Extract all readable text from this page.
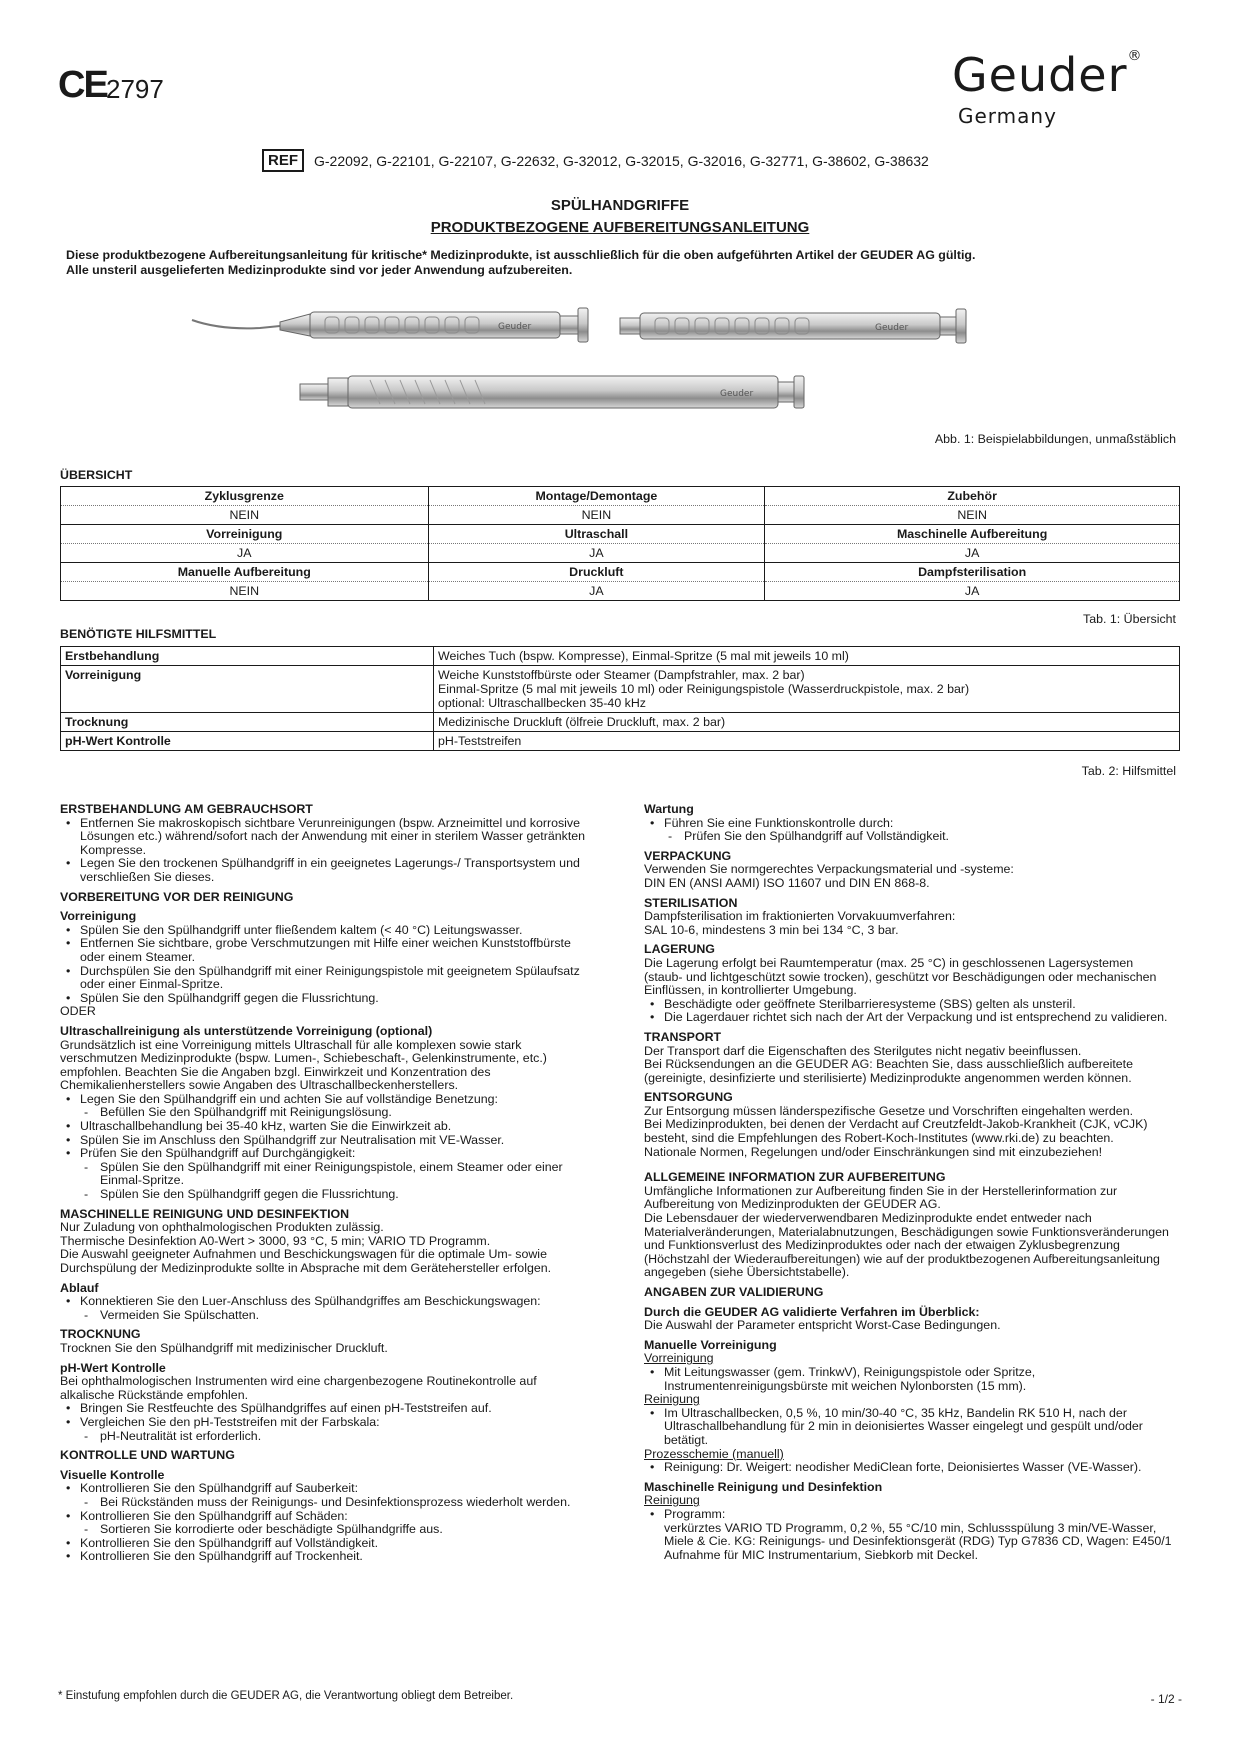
CE 2797	Geuder®
Germany
REF	G-22092, G-22101, G-22107, G-22632, G-32012, G-32015, G-32016, G-32771, G-38602, G-38632
SPÜLHANDGRIFFE
PRODUKTBEZOGENE AUFBEREITUNGSANLEITUNG
Diese produktbezogene Aufbereitungsanleitung für kritische* Medizinprodukte, ist ausschließlich für die oben aufgeführten Artikel der GEUDER AG gültig.
Alle unsteril ausgelieferten Medizinprodukte sind vor jeder Anwendung aufzubereiten.
Geuder	Geuder
Geuder
Abb. 1: Beispielabbildungen, unmaßstäblich
ÜBERSICHT
Zyklusgrenze	Montage/Demontage	Zubehör
NEIN	NEIN	NEIN
Vorreinigung	Ultraschall	Maschinelle Aufbereitung
JA	JA	JA
Manuelle Aufbereitung	Druckluft	Dampfsterilisation
NEIN	JA	JA
Tab. 1: Übersicht
BENÖTIGTE HILFSMITTEL
Erstbehandlung	Weiches Tuch (bspw. Kompresse), Einmal-Spritze (5 mal mit jeweils 10 ml)

Vorreinigung	Weiche Kunststoffbürste oder Steamer (Dampfstrahler, max. 2 bar)
Einmal-Spritze (5 mal mit jeweils 10 ml) oder Reinigungspistole (Wasserdruckpistole, max. 2 bar)
optional: Ultraschallbecken 35-40 kHz

Trocknung	Medizinische Druckluft (ölfreie Druckluft, max. 2 bar)

pH-Wert Kontrolle	pH-Teststreifen
Tab. 2: Hilfsmittel
ERSTBEHANDLUNG AM GEBRAUCHSORT
• Entfernen Sie makroskopisch sichtbare Verunreinigungen (bspw. Arzneimittel und korrosive Lösungen etc.) während/sofort nach der Anwendung mit einer in sterilem Wasser getränkten Kompresse.
• Legen Sie den trockenen Spülhandgriff in ein geeignetes Lagerungs-/ Transportsystem und verschließen Sie dieses.
VORBEREITUNG VOR DER REINIGUNG
Vorreinigung
• Spülen Sie den Spülhandgriff unter fließendem kaltem (< 40 °C) Leitungswasser.
• Entfernen Sie sichtbare, grobe Verschmutzungen mit Hilfe einer weichen Kunststoffbürste oder einem Steamer.
• Durchspülen Sie den Spülhandgriff mit einer Reinigungspistole mit geeignetem Spülaufsatz oder einer Einmal-Spritze.
• Spülen Sie den Spülhandgriff gegen die Flussrichtung.
ODER
Ultraschallreinigung als unterstützende Vorreinigung (optional)
Grundsätzlich ist eine Vorreinigung mittels Ultraschall für alle komplexen sowie stark verschmutzen Medizinprodukte (bspw. Lumen-, Schiebeschaft-, Gelenkinstrumente, etc.) empfohlen. Beachten Sie die Angaben bzgl. Einwirkzeit und Konzentration des Chemikalienherstellers sowie Angaben des Ultraschallbeckenherstellers.
• Legen Sie den Spülhandgriff ein und achten Sie auf vollständige Benetzung:
- Befüllen Sie den Spülhandgriff mit Reinigungslösung.
• Ultraschallbehandlung bei 35-40 kHz, warten Sie die Einwirkzeit ab.
• Spülen Sie im Anschluss den Spülhandgriff zur Neutralisation mit VE-Wasser.
• Prüfen Sie den Spülhandgriff auf Durchgängigkeit:
- Spülen Sie den Spülhandgriff mit einer Reinigungspistole, einem Steamer oder einer Einmal-Spritze.
- Spülen Sie den Spülhandgriff gegen die Flussrichtung.
MASCHINELLE REINIGUNG UND DESINFEKTION
Nur Zuladung von ophthalmologischen Produkten zulässig.
Thermische Desinfektion A0-Wert > 3000, 93 °C, 5 min; VARIO TD Programm.
Die Auswahl geeigneter Aufnahmen und Beschickungswagen für die optimale Um- sowie Durchspülung der Medizinprodukte sollte in Absprache mit dem Gerätehersteller erfolgen.
Ablauf
• Konnektieren Sie den Luer-Anschluss des Spülhandgriffes am Beschickungswagen:
- Vermeiden Sie Spülschatten.
TROCKNUNG
Trocknen Sie den Spülhandgriff mit medizinischer Druckluft.
pH-Wert Kontrolle
Bei ophthalmologischen Instrumenten wird eine chargenbezogene Routinekontrolle auf alkalische Rückstände empfohlen.
• Bringen Sie Restfeuchte des Spülhandgriffes auf einen pH-Teststreifen auf.
• Vergleichen Sie den pH-Teststreifen mit der Farbskala:
- pH-Neutralität ist erforderlich.
KONTROLLE UND WARTUNG
Visuelle Kontrolle
• Kontrollieren Sie den Spülhandgriff auf Sauberkeit:
- Bei Rückständen muss der Reinigungs- und Desinfektionsprozess wiederholt werden.
• Kontrollieren Sie den Spülhandgriff auf Schäden:
- Sortieren Sie korrodierte oder beschädigte Spülhandgriffe aus.
• Kontrollieren Sie den Spülhandgriff auf Vollständigkeit.
• Kontrollieren Sie den Spülhandgriff auf Trockenheit.
Wartung
• Führen Sie eine Funktionskontrolle durch:
- Prüfen Sie den Spülhandgriff auf Vollständigkeit.
VERPACKUNG
Verwenden Sie normgerechtes Verpackungsmaterial und -systeme:
DIN EN (ANSI AAMI) ISO 11607 und DIN EN 868-8.
STERILISATION
Dampfsterilisation im fraktionierten Vorvakuumverfahren:
SAL 10-6, mindestens 3 min bei 134 °C, 3 bar.
LAGERUNG
Die Lagerung erfolgt bei Raumtemperatur (max. 25 °C) in geschlossenen Lagersystemen (staub- und lichtgeschützt sowie trocken), geschützt vor Beschädigungen oder mechanischen Einflüssen, in kontrollierter Umgebung.
• Beschädigte oder geöffnete Sterilbarrieresysteme (SBS) gelten als unsteril.
• Die Lagerdauer richtet sich nach der Art der Verpackung und ist entsprechend zu validieren.
TRANSPORT
Der Transport darf die Eigenschaften des Sterilgutes nicht negativ beeinflussen.
Bei Rücksendungen an die GEUDER AG: Beachten Sie, dass ausschließlich aufbereitete (gereinigte, desinfizierte und sterilisierte) Medizinprodukte angenommen werden können.
ENTSORGUNG
Zur Entsorgung müssen länderspezifische Gesetze und Vorschriften eingehalten werden.
Bei Medizinprodukten, bei denen der Verdacht auf Creutzfeldt-Jakob-Krankheit (CJK, vCJK) besteht, sind die Empfehlungen des Robert-Koch-Institutes (www.rki.de) zu beachten.
Nationale Normen, Regelungen und/oder Einschränkungen sind mit einzubeziehen!
ALLGEMEINE INFORMATION ZUR AUFBEREITUNG
Umfängliche Informationen zur Aufbereitung finden Sie in der Herstellerinformation zur Aufbereitung von Medizinprodukten der GEUDER AG.
Die Lebensdauer der wiederverwendbaren Medizinprodukte endet entweder nach Materialveränderungen, Materialabnutzungen, Beschädigungen sowie Funktionsveränderungen und Funktionsverlust des Medizinproduktes oder nach der etwaigen Zyklusbegrenzung (Höchstzahl der Wiederaufbereitungen) wie auf der produktbezogenen Aufbereitungsanleitung angegeben (siehe Übersichtstabelle).
ANGABEN ZUR VALIDIERUNG
Durch die GEUDER AG validierte Verfahren im Überblick:
Die Auswahl der Parameter entspricht Worst-Case Bedingungen.
Manuelle Vorreinigung
Vorreinigung
• Mit Leitungswasser (gem. TrinkwV), Reinigungspistole oder Spritze, Instrumentenreinigungsbürste mit weichen Nylonborsten (15 mm).
Reinigung
• Im Ultraschallbecken, 0,5 %, 10 min/30-40 °C, 35 kHz, Bandelin RK 510 H, nach der Ultraschallbehandlung für 2 min in deionisiertes Wasser eingelegt und gespült und/oder betätigt.
Prozesschemie (manuell)
• Reinigung: Dr. Weigert: neodisher MediClean forte, Deionisiertes Wasser (VE-Wasser).
Maschinelle Reinigung und Desinfektion
Reinigung
• Programm:
verkürztes VARIO TD Programm, 0,2 %, 55 °C/10 min, Schlussspülung 3 min/VE-Wasser, Miele & Cie. KG: Reinigungs- und Desinfektionsgerät (RDG) Typ G7836 CD, Wagen: E450/1 Aufnahme für MIC Instrumentarium, Siebkorb mit Deckel.
* Einstufung empfohlen durch die GEUDER AG, die Verantwortung obliegt dem Betreiber.	- 1/2 -
